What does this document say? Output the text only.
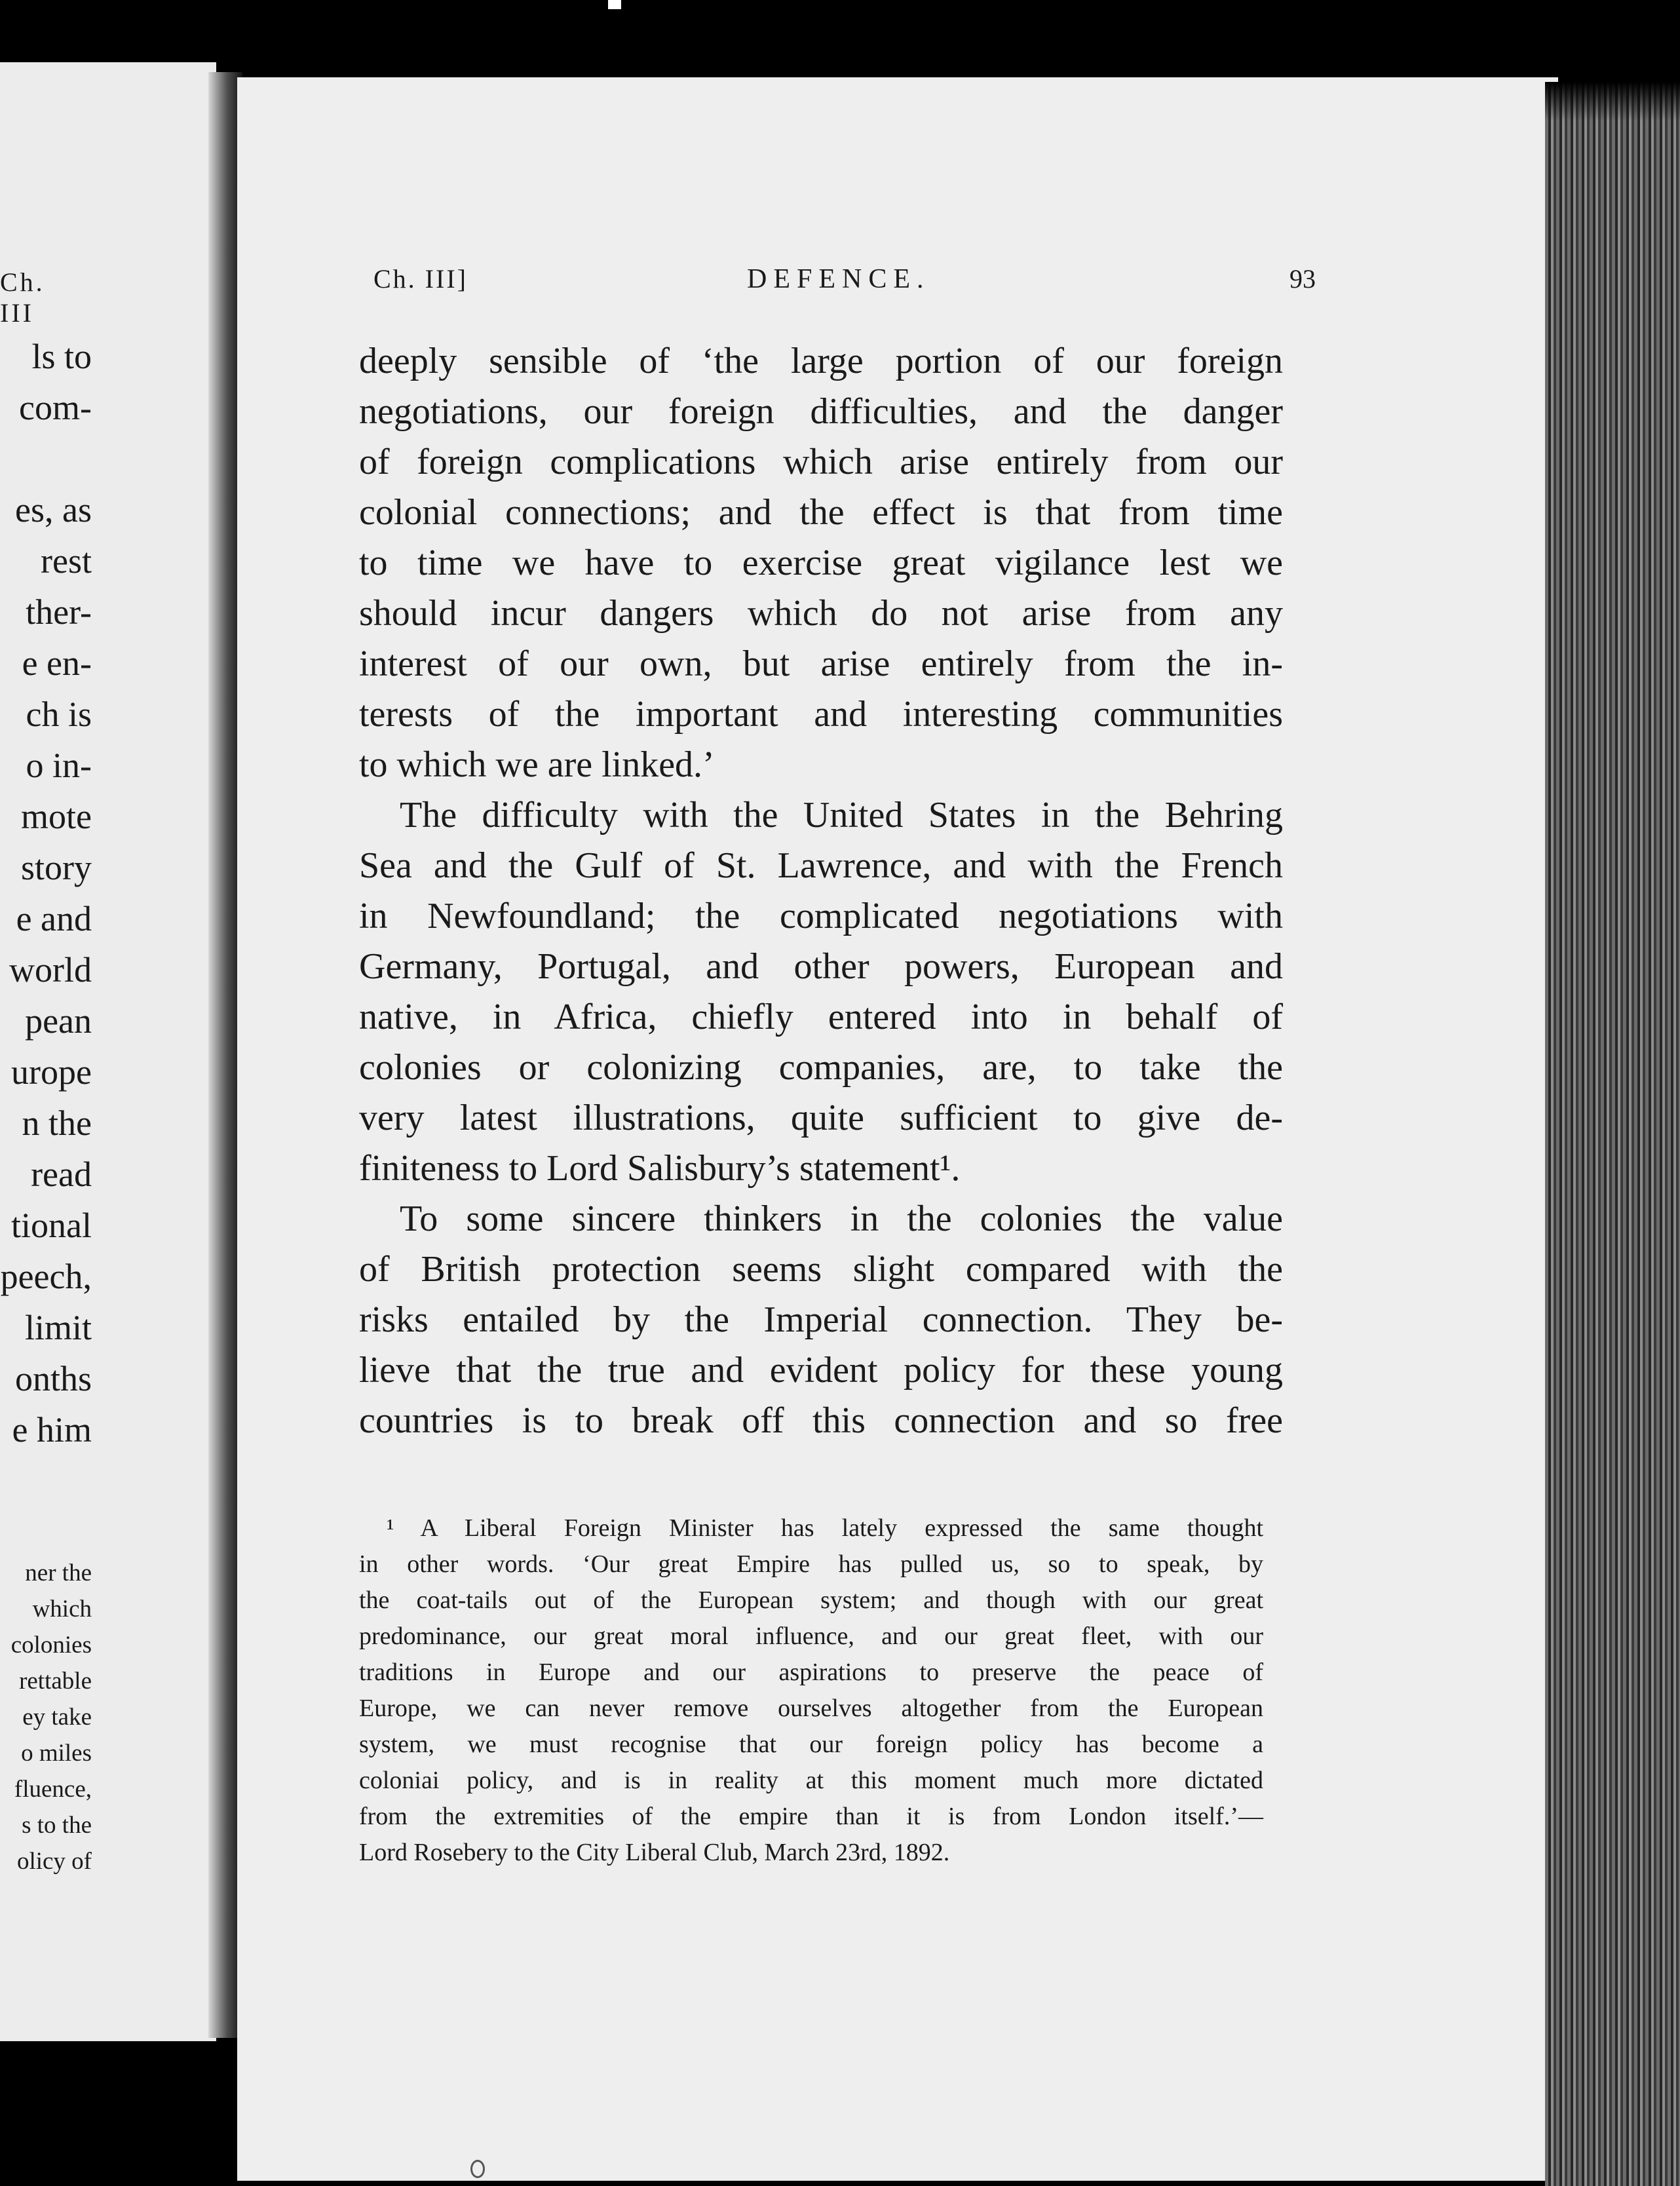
Ch. III
ls to
com-
es, as
rest
ther-
e en-
ch is
o in-
mote
story
e and
world
pean
urope
n the
read
tional
peech,
limit
onths
e him
ner the
which
colonies
rettable
ey take
o miles
fluence,
s to the
olicy of
Ch. III]	DEFENCE.	93
deeply sensible of ‘the large portion of our foreign
negotiations, our foreign difficulties, and the danger
of foreign complications which arise entirely from our
colonial connections; and the effect is that from time
to time we have to exercise great vigilance lest we
should incur dangers which do not arise from any
interest of our own, but arise entirely from the in-
terests of the important and interesting communities
to which we are linked.’
The difficulty with the United States in the Behring
Sea and the Gulf of St. Lawrence, and with the French
in Newfoundland; the complicated negotiations with
Germany, Portugal, and other powers, European and
native, in Africa, chiefly entered into in behalf of
colonies or colonizing companies, are, to take the
very latest illustrations, quite sufficient to give de-
finiteness to Lord Salisbury’s statement¹.
To some sincere thinkers in the colonies the value
of British protection seems slight compared with the
risks entailed by the Imperial connection. They be-
lieve that the true and evident policy for these young
countries is to break off this connection and so free
¹ A Liberal Foreign Minister has lately expressed the same thought
in other words. ‘Our great Empire has pulled us, so to speak, by
the coat-tails out of the European system; and though with our great
predominance, our great moral influence, and our great fleet, with our
traditions in Europe and our aspirations to preserve the peace of
Europe, we can never remove ourselves altogether from the European
system, we must recognise that our foreign policy has become a
coloniai policy, and is in reality at this moment much more dictated
from the extremities of the empire than it is from London itself.’—
Lord Rosebery to the City Liberal Club, March 23rd, 1892.
